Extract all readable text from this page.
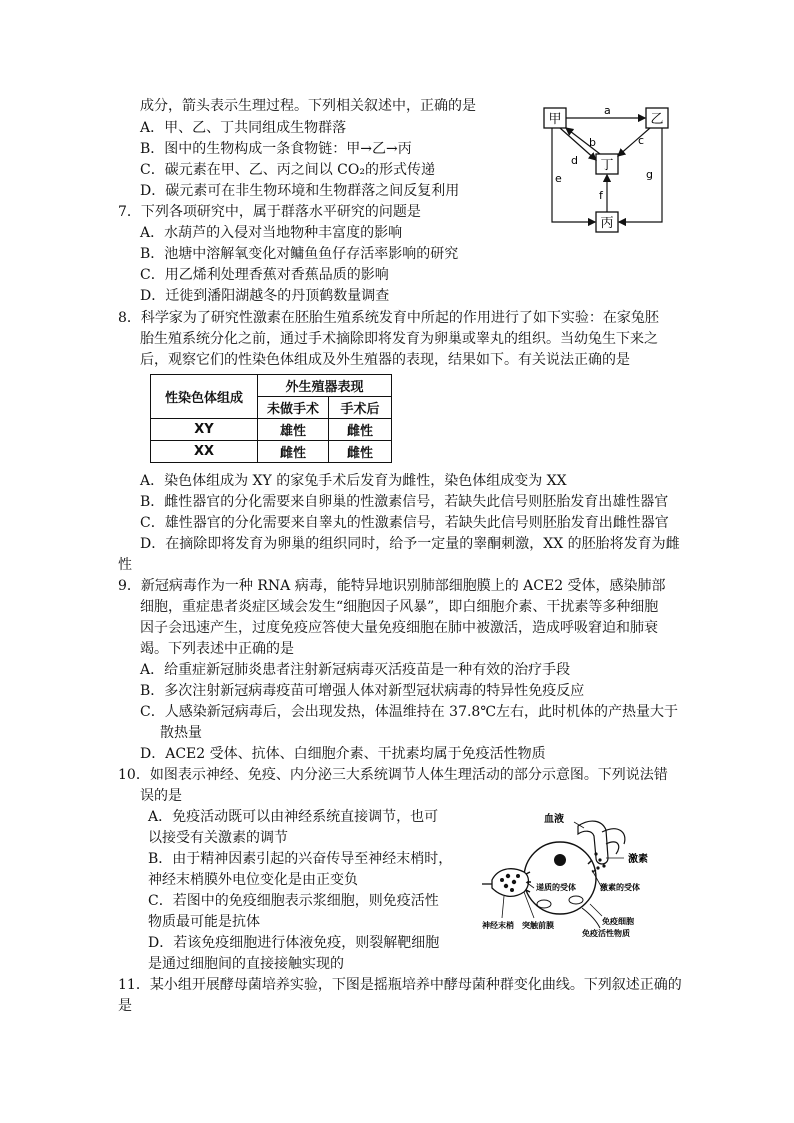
成分，箭头表示生理过程。下列相关叙述中，正确的是
A．甲、乙、丁共同组成生物群落
B．图中的生物构成一条食物链：甲→乙→丙
C．碳元素在甲、乙、丙之间以 CO₂的形式传递
D．碳元素可在非生物环境和生物群落之间反复利用
甲	乙
丁
丙
a
b
d
c
f
e	g
7．下列各项研究中，属于群落水平研究的问题是
A．水葫芦的入侵对当地物种丰富度的影响
B．池塘中溶解氧变化对鳙鱼鱼仔存活率影响的研究
C．用乙烯利处理香蕉对香蕉品质的影响
D．迁徙到潘阳湖越冬的丹顶鹤数量调查
8．科学家为了研究性激素在胚胎生殖系统发育中所起的作用进行了如下实验：在家兔胚
胎生殖系统分化之前，通过手术摘除即将发育为卵巢或睾丸的组织。当幼兔生下来之
后，观察它们的性染色体组成及外生殖器的表现，结果如下。有关说法正确的是
性染色体组成	外生殖器表现	
	未做手术	手术后
XY	雄性	雌性
XX	雌性	雌性
A．染色体组成为 XY 的家兔手术后发育为雌性，染色体组成变为 XX
B．雌性器官的分化需要来自卵巢的性激素信号，若缺失此信号则胚胎发育出雄性器官
C．雄性器官的分化需要来自睾丸的性激素信号，若缺失此信号则胚胎发育出雌性器官
D．在摘除即将发育为卵巢的组织同时，给予一定量的睾酮刺激，XX 的胚胎将发育为雌
性
9．新冠病毒作为一种 RNA 病毒，能特异地识别肺部细胞膜上的 ACE2 受体，感染肺部
细胞，重症患者炎症区域会发生“细胞因子风暴”，即白细胞介素、干扰素等多种细胞
因子会迅速产生，过度免疫应答使大量免疫细胞在肺中被激活，造成呼吸窘迫和肺衰
竭。下列表述中正确的是
A．给重症新冠肺炎患者注射新冠病毒灭活疫苗是一种有效的治疗手段
B．多次注射新冠病毒疫苗可增强人体对新型冠状病毒的特异性免疫反应
C．人感染新冠病毒后，会出现发热，体温维持在 37.8℃左右，此时机体的产热量大于
散热量
D．ACE2 受体、抗体、白细胞介素、干扰素均属于免疫活性物质
10．如图表示神经、免疫、内分泌三大系统调节人体生理活动的部分示意图。下列说法错
误的是
A．免疫活动既可以由神经系统直接调节，也可
以接受有关激素的调节
B．由于精神因素引起的兴奋传导至神经末梢时，
神经末梢膜外电位变化是由正变负
C．若图中的免疫细胞表示浆细胞，则免疫活性
物质最可能是抗体
D．若该免疫细胞进行体液免疫，则裂解靶细胞
是通过细胞间的直接接触实现的
血液
激素
递质的受体	激素的受体
神经末梢 突触前膜	免疫细胞
免疫活性物质
11．某小组开展酵母菌培养实验，下图是摇瓶培养中酵母菌种群变化曲线。下列叙述正确的
是
